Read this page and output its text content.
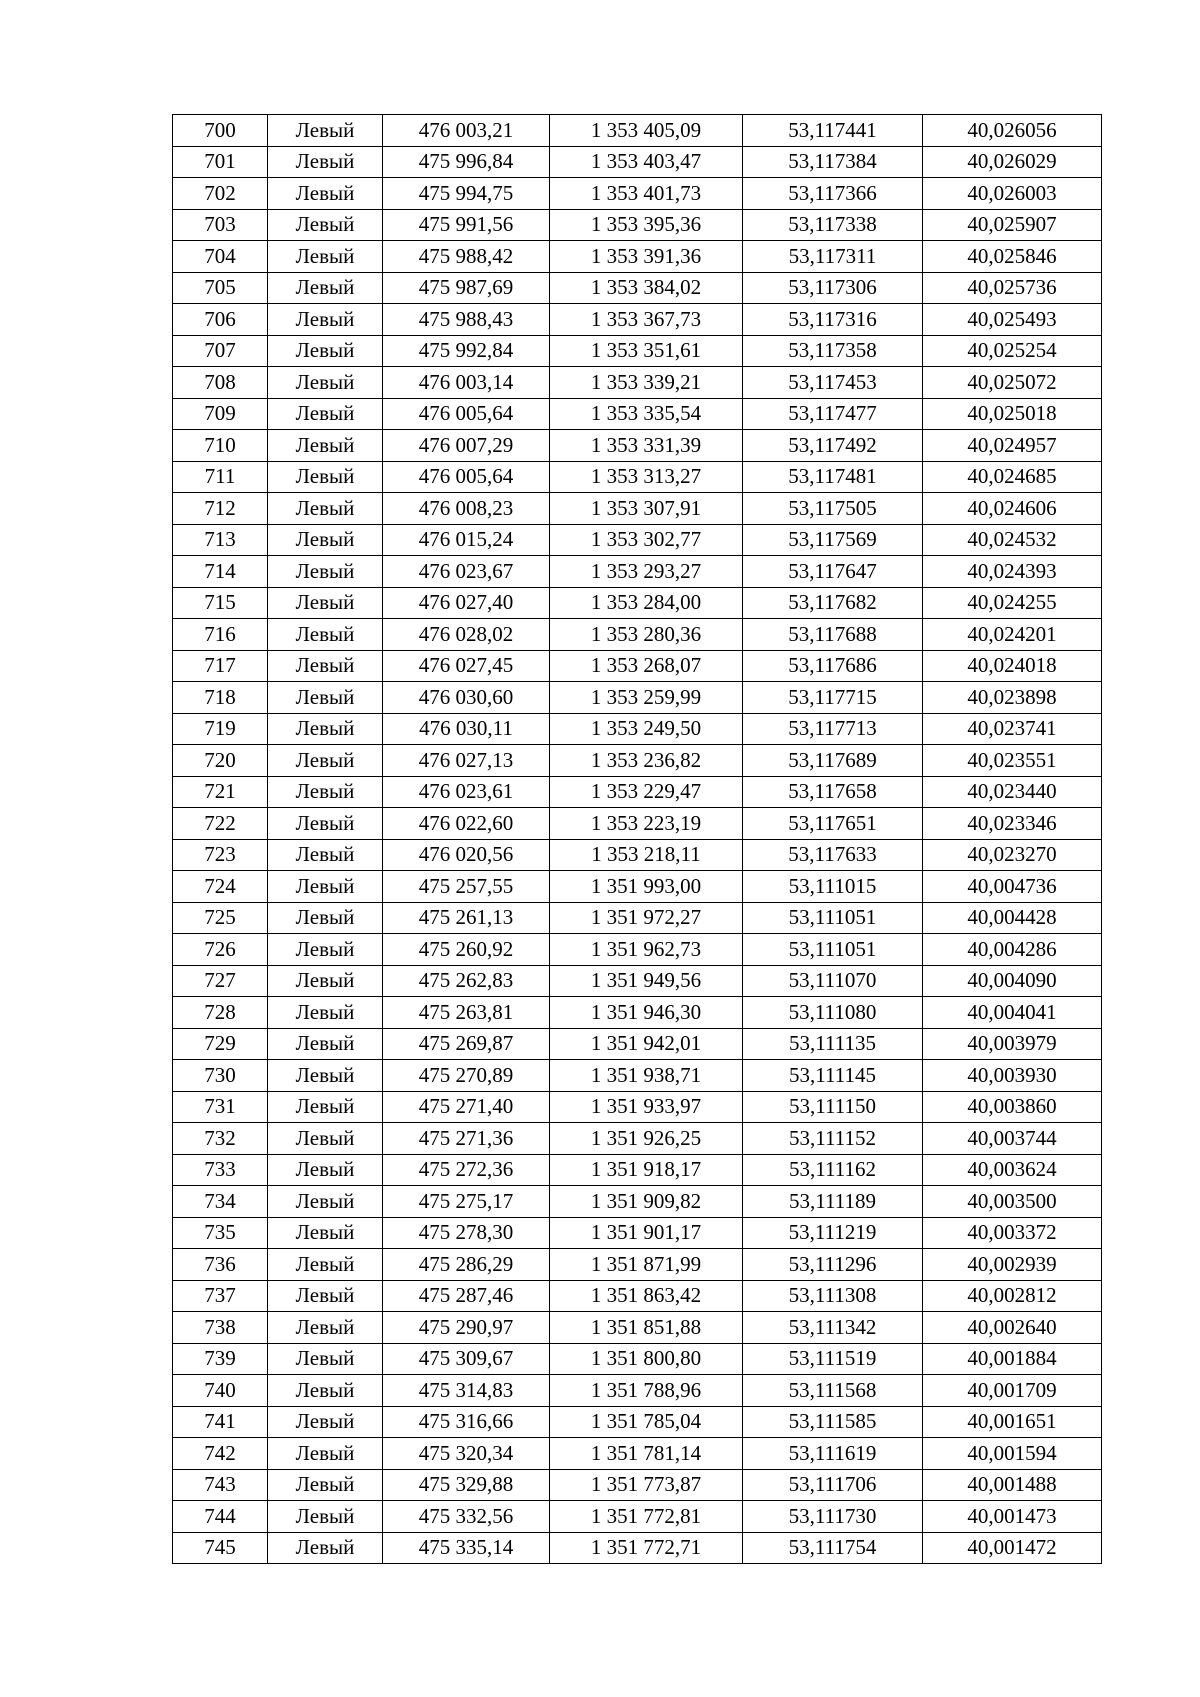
700	Левый	476 003,21	1 353 405,09	53,117441	40,026056
701	Левый	475 996,84	1 353 403,47	53,117384	40,026029
702	Левый	475 994,75	1 353 401,73	53,117366	40,026003
703	Левый	475 991,56	1 353 395,36	53,117338	40,025907
704	Левый	475 988,42	1 353 391,36	53,117311	40,025846
705	Левый	475 987,69	1 353 384,02	53,117306	40,025736
706	Левый	475 988,43	1 353 367,73	53,117316	40,025493
707	Левый	475 992,84	1 353 351,61	53,117358	40,025254
708	Левый	476 003,14	1 353 339,21	53,117453	40,025072
709	Левый	476 005,64	1 353 335,54	53,117477	40,025018
710	Левый	476 007,29	1 353 331,39	53,117492	40,024957
711	Левый	476 005,64	1 353 313,27	53,117481	40,024685
712	Левый	476 008,23	1 353 307,91	53,117505	40,024606
713	Левый	476 015,24	1 353 302,77	53,117569	40,024532
714	Левый	476 023,67	1 353 293,27	53,117647	40,024393
715	Левый	476 027,40	1 353 284,00	53,117682	40,024255
716	Левый	476 028,02	1 353 280,36	53,117688	40,024201
717	Левый	476 027,45	1 353 268,07	53,117686	40,024018
718	Левый	476 030,60	1 353 259,99	53,117715	40,023898
719	Левый	476 030,11	1 353 249,50	53,117713	40,023741
720	Левый	476 027,13	1 353 236,82	53,117689	40,023551
721	Левый	476 023,61	1 353 229,47	53,117658	40,023440
722	Левый	476 022,60	1 353 223,19	53,117651	40,023346
723	Левый	476 020,56	1 353 218,11	53,117633	40,023270
724	Левый	475 257,55	1 351 993,00	53,111015	40,004736
725	Левый	475 261,13	1 351 972,27	53,111051	40,004428
726	Левый	475 260,92	1 351 962,73	53,111051	40,004286
727	Левый	475 262,83	1 351 949,56	53,111070	40,004090
728	Левый	475 263,81	1 351 946,30	53,111080	40,004041
729	Левый	475 269,87	1 351 942,01	53,111135	40,003979
730	Левый	475 270,89	1 351 938,71	53,111145	40,003930
731	Левый	475 271,40	1 351 933,97	53,111150	40,003860
732	Левый	475 271,36	1 351 926,25	53,111152	40,003744
733	Левый	475 272,36	1 351 918,17	53,111162	40,003624
734	Левый	475 275,17	1 351 909,82	53,111189	40,003500
735	Левый	475 278,30	1 351 901,17	53,111219	40,003372
736	Левый	475 286,29	1 351 871,99	53,111296	40,002939
737	Левый	475 287,46	1 351 863,42	53,111308	40,002812
738	Левый	475 290,97	1 351 851,88	53,111342	40,002640
739	Левый	475 309,67	1 351 800,80	53,111519	40,001884
740	Левый	475 314,83	1 351 788,96	53,111568	40,001709
741	Левый	475 316,66	1 351 785,04	53,111585	40,001651
742	Левый	475 320,34	1 351 781,14	53,111619	40,001594
743	Левый	475 329,88	1 351 773,87	53,111706	40,001488
744	Левый	475 332,56	1 351 772,81	53,111730	40,001473
745	Левый	475 335,14	1 351 772,71	53,111754	40,001472
